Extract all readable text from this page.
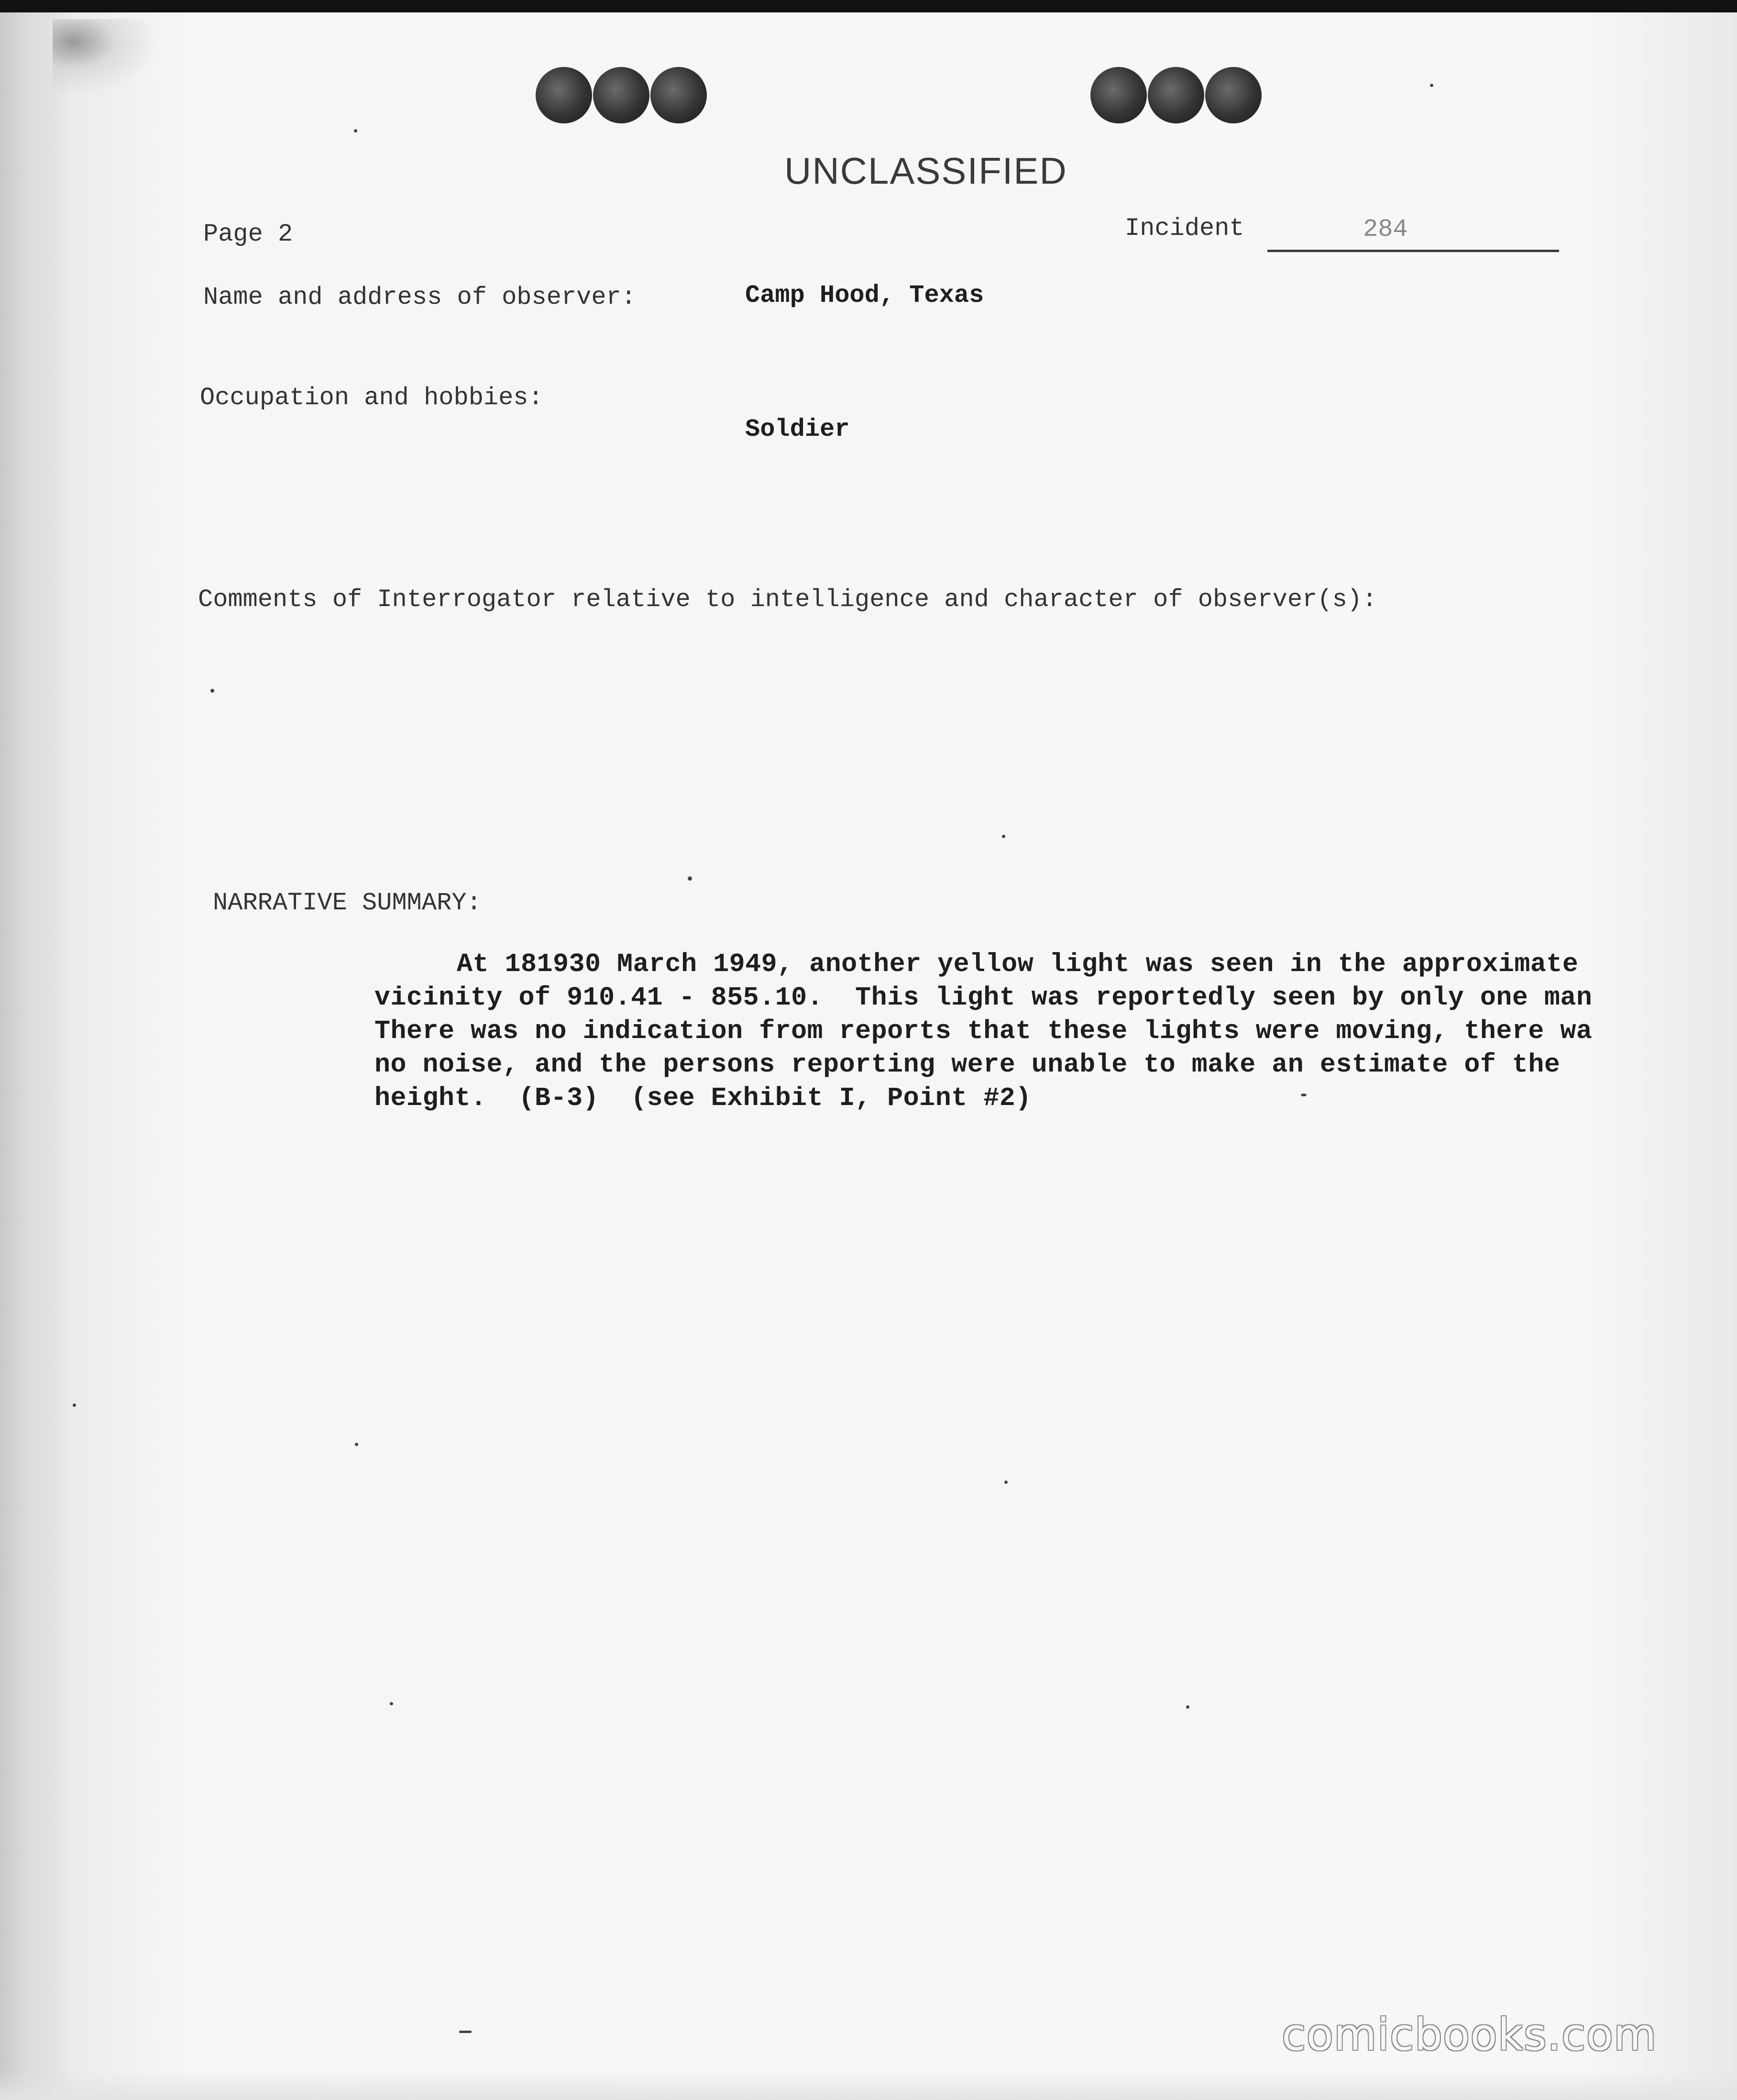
UNCLASSIFIED
Page 2	Incident	284
Name and address of observer:	Camp Hood, Texas
Occupation and hobbies:
Soldier
Comments of Interrogator relative to intelligence and character of observer(s):
NARRATIVE SUMMARY:
At 181930 March 1949, another yellow light was seen in the approximate
vicinity of 910.41 - 855.10.  This light was reportedly seen by only one man
There was no indication from reports that these lights were moving, there wa
no noise, and the persons reporting were unable to make an estimate of the
height.  (B-3)  (see Exhibit I, Point #2)
comicbooks.com
